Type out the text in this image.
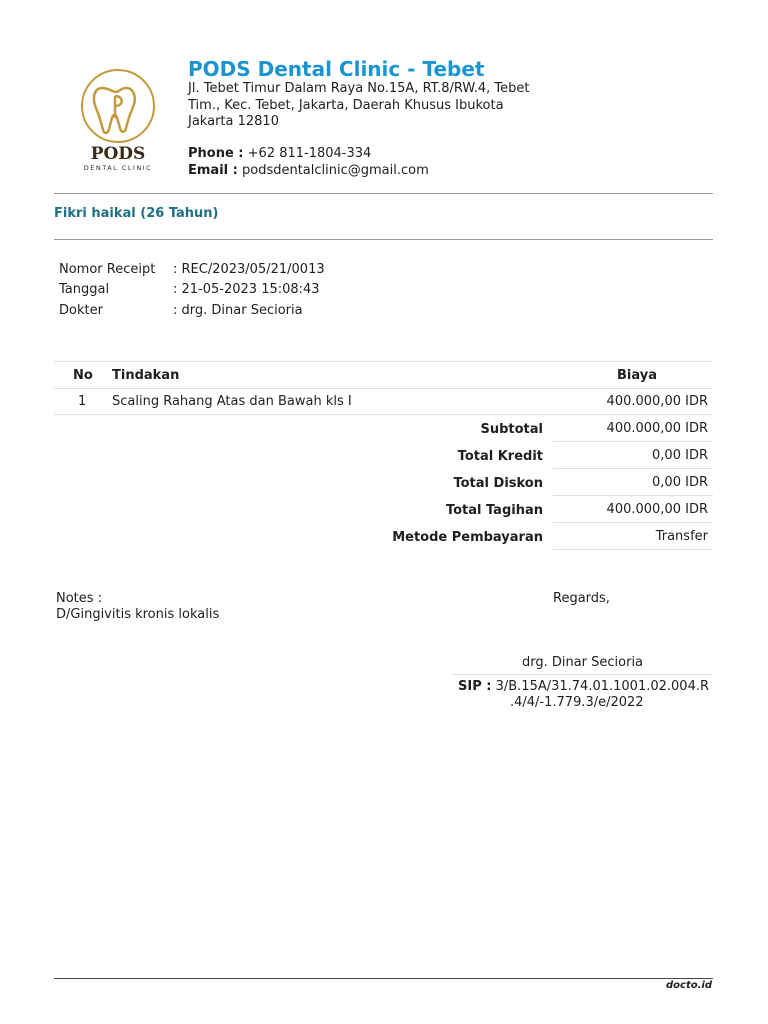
PODS
DENTAL CLINIC
PODS Dental Clinic - Tebet
Jl. Tebet Timur Dalam Raya No.15A, RT.8/RW.4, Tebet Tim., Kec. Tebet, Jakarta, Daerah Khusus Ibukota Jakarta 12810
Phone : +62 811-1804-334
Email : podsdentalclinic@gmail.com
Fikri haikal (26 Tahun)
Nomor Receipt : REC/2023/05/21/0013
Tanggal	: 21-05-2023 15:08:43
Dokter	: drg. Dinar Secioria
No Tindakan	Biaya
1 Scaling Rahang Atas dan Bawah kls I	400.000,00 IDR
Subtotal	400.000,00 IDR
Total Kredit	0,00 IDR
Total Diskon	0,00 IDR
Total Tagihan	400.000,00 IDR
Metode Pembayaran	Transfer
Notes :
D/Gingivitis kronis lokalis
Regards,
drg. Dinar Secioria
SIP : 3/B.15A/31.74.01.1001.02.004.R
.4/4/-1.779.3/e/2022
docto.id
